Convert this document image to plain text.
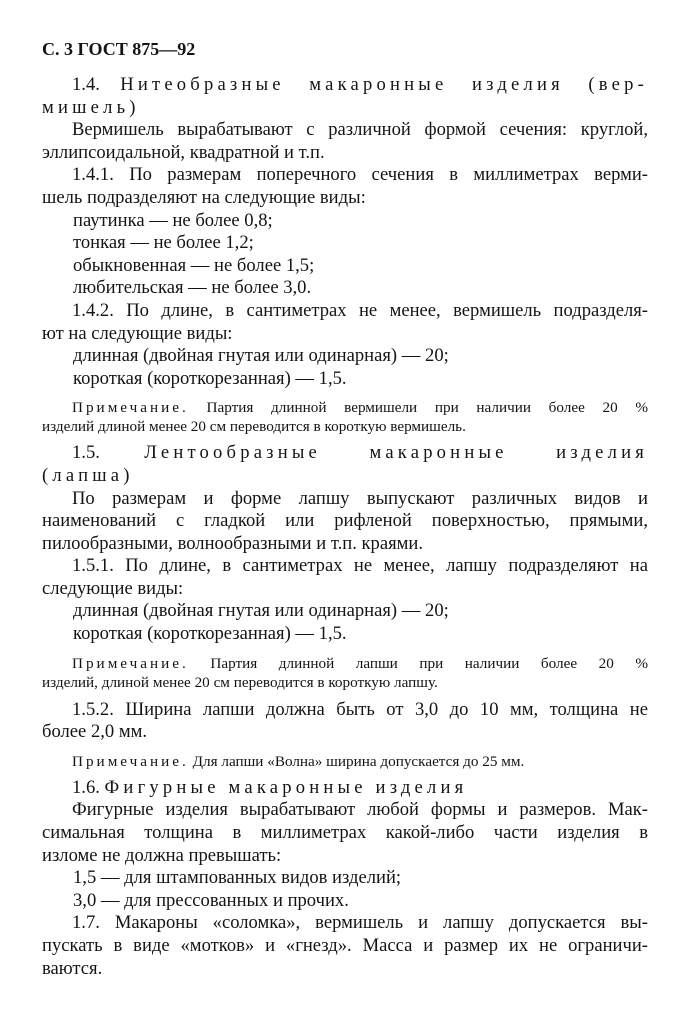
С. 3 ГОСТ 875—92
1.4. Нитеобразные макаронные изделия (вер-
мишель)
Вермишель вырабатывают с различной формой сечения: круглой,
эллипсоидальной, квадратной и т.п.
1.4.1. По размерам поперечного сечения в миллиметрах верми-
шель подразделяют на следующие виды:
паутинка — не более 0,8;
тонкая — не более 1,2;
обыкновенная — не более 1,5;
любительская — не более 3,0.
1.4.2. По длине, в сантиметрах не менее, вермишель подразделя-
ют на следующие виды:
длинная (двойная гнутая или одинарная) — 20;
короткая (короткорезанная) — 1,5.
Примечание. Партия длинной вермишели при наличии более 20 %
изделий длиной менее 20 см переводится в короткую вермишель.
1.5. Лентообразные макаронные изделия
(лапша)
По размерам и форме лапшу выпускают различных видов и
наименований с гладкой или рифленой поверхностью, прямыми,
пилообразными, волнообразными и т.п. краями.
1.5.1. По длине, в сантиметрах не менее, лапшу подразделяют на
следующие виды:
длинная (двойная гнутая или одинарная) — 20;
короткая (короткорезанная) — 1,5.
Примечание. Партия длинной лапши при наличии более 20 %
изделий, длиной менее 20 см переводится в короткую лапшу.
1.5.2. Ширина лапши должна быть от 3,0 до 10 мм, толщина не
более 2,0 мм.
Примечание. Для лапши «Волна» ширина допускается до 25 мм.
1.6. Фигурные макаронные изделия
Фигурные изделия вырабатывают любой формы и размеров. Мак-
симальная толщина в миллиметрах какой-либо части изделия в
изломе не должна превышать:
1,5 — для штампованных видов изделий;
3,0 — для прессованных и прочих.
1.7. Макароны «соломка», вермишель и лапшу допускается вы-
пускать в виде «мотков» и «гнезд». Масса и размер их не ограничи-
ваются.
